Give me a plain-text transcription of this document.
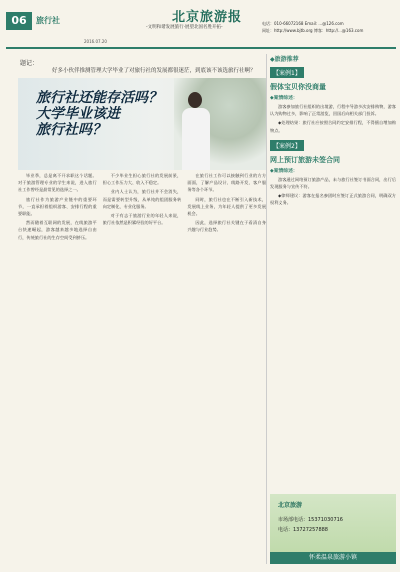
06	旅行社
2016.07.20
北京旅游报
-文明和谐发展旅行·展望北国名胜开拓-
电话：010-66072168 Email: ...@126.com
网址：http://www.bjtb.org 博客：http://...@163.com
题记：
好多小伙伴推测管理大学毕业了对旅行社的发展都很迷茫，到底该不该选旅行社啊？
旅行社还能存活吗？
大学毕业该进
旅行社吗？

毕业季，总是离不开求职这个话题。对于旅游管理专业的学生来说，进入旅行社工作曾经是最常见的选择之一。

旅行社作为旅游产业链中的重要环节，一直承担着组织游客、安排行程的重要职能。

然而随着互联网的发展，在线旅游平台快速崛起，游客越来越多地选择自由行，传统旅行社的生存空间受到挤压。

不少毕业生担心旅行社的发展前景，担心工作压力大、收入不稳定。

业内人士认为，旅行社并不会消失，而是需要转型升级，从单纯的组团服务转向定制化、专业化服务。

对于有志于旅游行业的年轻人来说，旅行社依然是积累经验的好平台。

在旅行社工作可以接触到行业的方方面面，了解产品设计、线路开发、客户服务等各个环节。

同时，旅行社也在不断引入新技术，发展线上业务，为年轻人提供了更多发展机会。

因此，选择旅行社关键在于看清自身兴趣与行业趋势。

◆旅游推荐
【案例1】
假体宝贝你没商量
◆案情综述：

游客参加旅行社组织的出境游，行程中导游多次安排购物，游客认为购物过多，影响了正常游览，回国后向相关部门投诉。

◆处理结果：旅行社应按照合同约定安排行程，不得擅自增加购物点。

【案例2】
网上预订旅游未签合同
◆案情综述：

游客通过网络预订旅游产品，未与旅行社签订书面合同，出行后发现服务与宣传不符。

◆律师建议：游客在报名参团时应签订正式旅游合同，明确双方权利义务。

北京旅游
市场部电话：15371030716
电话：13727257888
怀柔温泉旅游小镇
